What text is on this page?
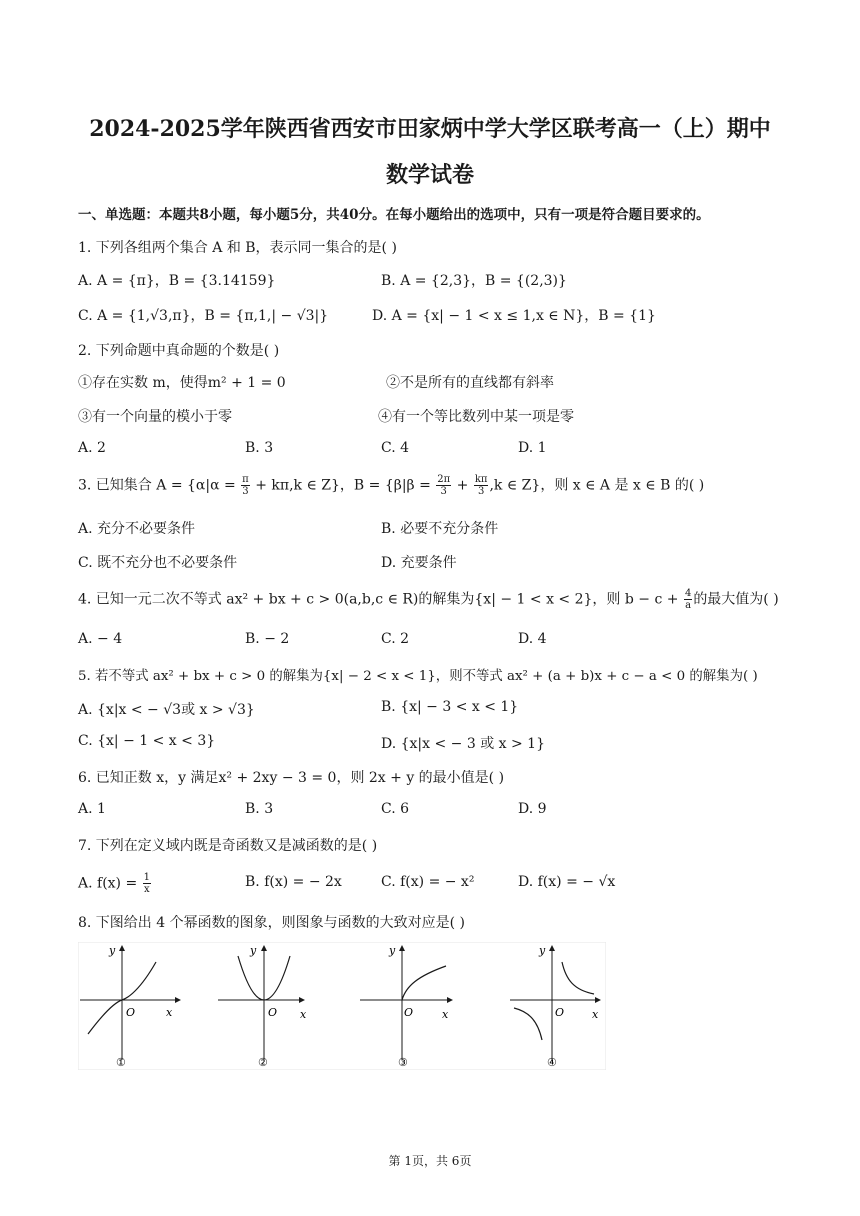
2024-2025学年陕西省西安市田家炳中学大学区联考高一（上）期中
数学试卷
一、单选题：本题共8小题，每小题5分，共40分。在每小题给出的选项中，只有一项是符合题目要求的。
1. 下列各组两个集合 A 和 B，表示同一集合的是( )
A. A = {π}，B = {3.14159}	B. A = {2,3}，B = {(2,3)}
C. A = {1,√3,π}，B = {π,1,| − √3|}	D. A = {x| − 1 < x ≤ 1,x ∈ N}，B = {1}
2. 下列命题中真命题的个数是( )
①存在实数 m，使得m² + 1 = 0	②不是所有的直线都有斜率
③有一个向量的模小于零	④有一个等比数列中某一项是零
A. 2	B. 3	C. 4	D. 1
3. 已知集合 $A = \{\alpha|\alpha = \frac{\pi}{3} + k\pi,k$ ∈ Z}，$B = \{\beta|\beta = \frac{2\pi}{3} + \frac{k\pi}{3} ,k$ ∈ Z}，则 x ∈ A 是 x ∈ B 的( )
A. 充分不必要条件	B. 必要不充分条件
C. 既不充分也不必要条件	D. 充要条件
4. 已知一元二次不等式 ax² + bx + c > 0(a,b,c ∈ R)的解集为{x| − 1 < x < 2}，则 $b - c + \frac{4}{a}$ 的最大值为( )
A. − 4	B. − 2	C. 2	D. 4
5. 若不等式 ax² + bx + c > 0 的解集为{x| − 2 < x < 1}，则不等式 ax² + (a + b)x + c − a < 0 的解集为( )
A. {x|x < − √3或 x > √3}	B. {x| − 3 < x < 1}
C. {x| − 1 < x < 3}	D. {x|x < − 3 或 x > 1}
6. 已知正数 x，y 满足x² + 2xy − 3 = 0，则 2x + y 的最小值是( )
A. 1	B. 3	C. 6	D. 9
7. 下列在定义域内既是奇函数又是减函数的是( )
A. $f(x) = \frac{1}{x}$	B. f(x) = − 2x	C. f(x) = − x²	D. f(x) = − √x
8. 下图给出 4 个幂函数的图象，则图象与函数的大致对应是( )
y
x
O
①
y
x
O
②
y
x
O
③
y
x
O
④
第 1页，共 6页
